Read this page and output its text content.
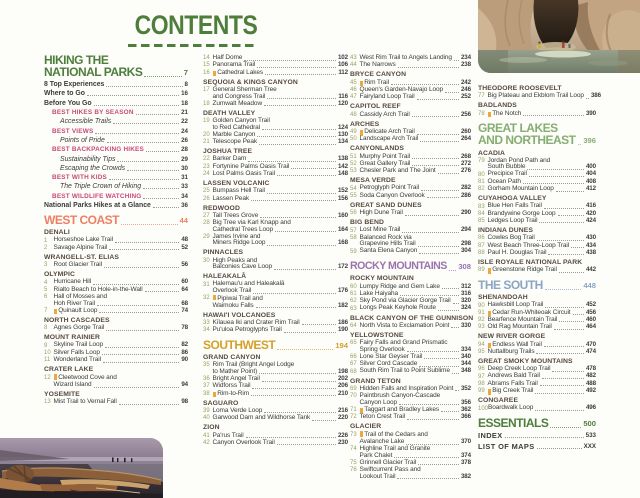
CONTENTS
HIKING THE
NATIONAL PARKS	7
8 Top Experiences	8
Where to Go	16
Before You Go	18
BEST HIKES BY SEASON	21
Accessible Trails	22
BEST VIEWS	24
Points of Pride	26
BEST BACKPACKING HIKES	28
Sustainability Tips	29
Escaping the Crowds	30
BEST WITH KIDS	31
The Triple Crown of Hiking	33
BEST WILDLIFE WATCHING	34
National Parks Hikes at a Glance	36
WEST COAST	44
DENALI
1 Horseshoe Lake Trail	48
2 Savage Alpine Trail	52
WRANGELL-ST. ELIAS
3 Root Glacier Trail	56
OLYMPIC
4 Hurricane Hill	60
5 Rialto Beach to Hole-in-the-Wall	64
6 Hall of Mosses and
Hoh River Trail	68
7	Quinault Loop	74
NORTH CASCADES
8 Agnes Gorge Trail	78
MOUNT RAINIER
9 Skyline Trail Loop	82
10 Silver Falls Loop	86
11 Wonderland Trail	90
CRATER LAKE
12	Cleetwood Cove and
Wizard Island	94
YOSEMITE
13 Mist Trail to Vernal Fall	98
14 Half Dome	102
15 Panorama Trail	106
16	Cathedral Lakes	112
SEQUOIA & KINGS CANYON
17 General Sherman Tree
and Congress Trail	116
18 Zumwalt Meadow	120
DEATH VALLEY
19 Golden Canyon Trail
to Red Cathedral	124
20 Marble Canyon	130
21 Telescope Peak	134
JOSHUA TREE
22 Barker Dam	138
23 Fortynine Palms Oasis Trail	142
24 Lost Palms Oasis Trail	148
LASSEN VOLCANIC
25 Bumpass Hell Trail	152
26 Lassen Peak	156
REDWOOD
27 Tall Trees Grove	160
28 Big Tree via Karl Knapp and
Cathedral Trees Loop	164
29 James Irvine and
Miners Ridge Loop	168
PINNACLES
30 High Peaks and
Balconies Cave Loop	172
HALEAKALĀ
31 Halemau'u and Haleakalā
Overlook Trail	176
32	Pipiwai Trail and
Waimoku Falls	182
HAWAI'I VOLCANOES
33 Kīlauea Iki and Crater Rim Trail	186
34 Pu'uloa Petroglyphs Trail	190
SOUTHWEST	194
GRAND CANYON
35 Rim Trail (Bright Angel Lodge
to Mather Point)	198
36 Bright Angel Trail	202
37 Widforss Trail	206
38	Rim-to-Rim	210
SAGUARO
39 Loma Verde Loop	216
40 Garwood Dam and Wildhorse Tank	220
ZION
41 Pa'rus Trail	226
42 Canyon Overlook Trail	230
43 West Rim Trail to Angels Landing 234
44 The Narrows	238
BRYCE CANYON
45	Rim Trail	242
46 Queen's Garden-Navajo Loop	246
47 Fairyland Loop Trail	252
CAPITOL REEF
48 Cassidy Arch Trail	256
ARCHES
49	Delicate Arch Trail	260
50 Landscape Arch Trail	264
CANYONLANDS
51 Murphy Point Trail	268
52 Great Gallery Trail	272
53 Chesler Park and The Joint	276
MESA VERDE
54 Petroglyph Point Trail	282
55 Soda Canyon Overlook	286
GREAT SAND DUNES
56 High Dune Trail	290
BIG BEND
57 Lost Mine Trail	294
58 Balanced Rock via
Grapevine Hills Trail	298
59 Santa Elena Canyon	304
ROCKY MOUNTAINS 308
ROCKY MOUNTAIN
60 Lumpy Ridge and Gem Lake	312
61 Lake Haiyaha	316
62 Sky Pond via Glacier Gorge Trail 320
63 Longs Peak Keyhole Route	324
BLACK CANYON OF THE GUNNISON
64 North Vista to Exclamation Point 330
YELLOWSTONE
65 Fairy Falls and Grand Prismatic
Spring Overlook	334
66 Lone Star Geyser Trail	340
67 Silver Cord Cascade	344
68 South Rim Trail to Point Sublime 348
GRAND TETON
69 Hidden Falls and Inspiration Point 352
70 Paintbrush Canyon-Cascade
Canyon Loop	356
71	Taggart and Bradley Lakes	362
72 Teton Crest Trail	366
GLACIER
73	Trail of the Cedars and
Avalanche Lake	370
74 Highline Trail and Granite
Park Chalet	374
75 Grinnell Glacier Trail	378
76 Swiftcurrent Pass and
Lookout Trail	382
THEODORE ROOSEVELT
77 Big Plateau and Ekblom Trail Loop 386
BADLANDS
78	The Notch	390
GREAT LAKES
AND NORTHEAST 396
ACADIA
79 Jordan Pond Path and
South Bubble	400
80 Precipice Trail	404
81 Ocean Path	408
82 Gorham Mountain Loop	412
CUYAHOGA VALLEY
83 Blue Hen Falls Trail	416
84 Brandywine Gorge Loop	420
85 Ledges Loop Trail	424
INDIANA DUNES
86 Cowles Bog Trail	430
87 West Beach Three-Loop Trail	434
88 Paul H. Douglas Trail	438
ISLE ROYALE NATIONAL PARK
89	Greenstone Ridge Trail	442
THE SOUTH	448
SHENANDOAH
90 Hawksbill Loop Trail	452
91	Cedar Run-Whiteoak Circuit 456
92 Bearfence Mountain Trail	460
93 Old Rag Mountain Trail	464
NEW RIVER GORGE
94	Endless Wall Trail	470
95 Nuttallburg Trails	474
GREAT SMOKY MOUNTAINS
96 Deep Creek Loop Trail	478
97 Andrews Bald Trail	482
98 Abrams Falls Trail	488
99	Big Creek Trail	492
CONGAREE
100 Boardwalk Loop	496
ESSENTIALS	500
INDEX	533
LIST OF MAPS	XXX
